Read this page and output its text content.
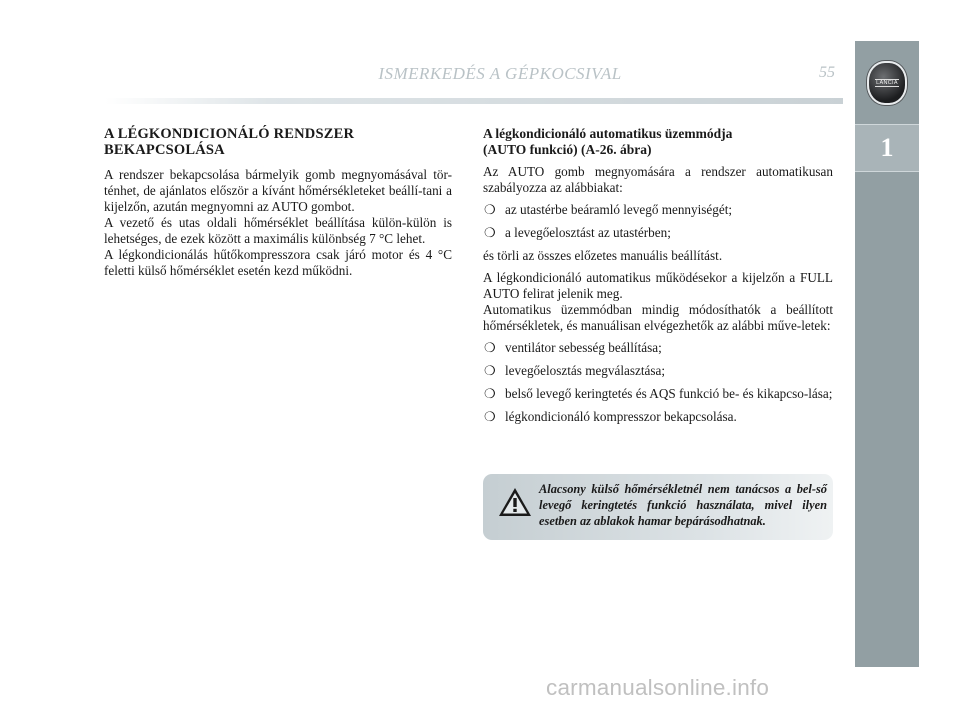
ISMERKEDÉS A GÉPKOCSIVAL	55
LANCIA
1
A LÉGKONDICIONÁLÓ RENDSZER
BEKAPCSOLÁSA

A rendszer bekapcsolása bármelyik gomb megnyomásával tör-ténhet, de ajánlatos először a kívánt hőmérsékleteket beállí-tani a kijelzőn, azután megnyomni az AUTO gombot.

A vezető és utas oldali hőmérséklet beállítása külön-külön is lehetséges, de ezek között a maximális különbség 7 °C lehet.

A légkondicionálás hűtőkompresszora csak járó motor és 4 °C feletti külső hőmérséklet esetén kezd működni.

A légkondicionáló automatikus üzemmódja
(AUTO funkció) (A-26. ábra)

Az AUTO gomb megnyomására a rendszer automatikusan szabályozza az alábbiakat:

❍ az utastérbe beáramló levegő mennyiségét;
❍ a levegőelosztást az utastérben;

és törli az összes előzetes manuális beállítást.

A légkondicionáló automatikus működésekor a kijelzőn a FULL AUTO felirat jelenik meg.

Automatikus üzemmódban mindig módosíthatók a beállított hőmérsékletek, és manuálisan elvégezhetők az alábbi műve-letek:

❍ ventilátor sebesség beállítása;
❍ levegőelosztás megválasztása;
❍ belső levegő keringtetés és AQS funkció be- és kikapcso-lása;
❍ légkondicionáló kompresszor bekapcsolása.
Alacsony külső hőmérsékletnél nem tanácsos a bel-ső levegő keringtetés funkció használata, mivel ilyen esetben az ablakok hamar bepárásodhatnak.
carmanualsonline.info
